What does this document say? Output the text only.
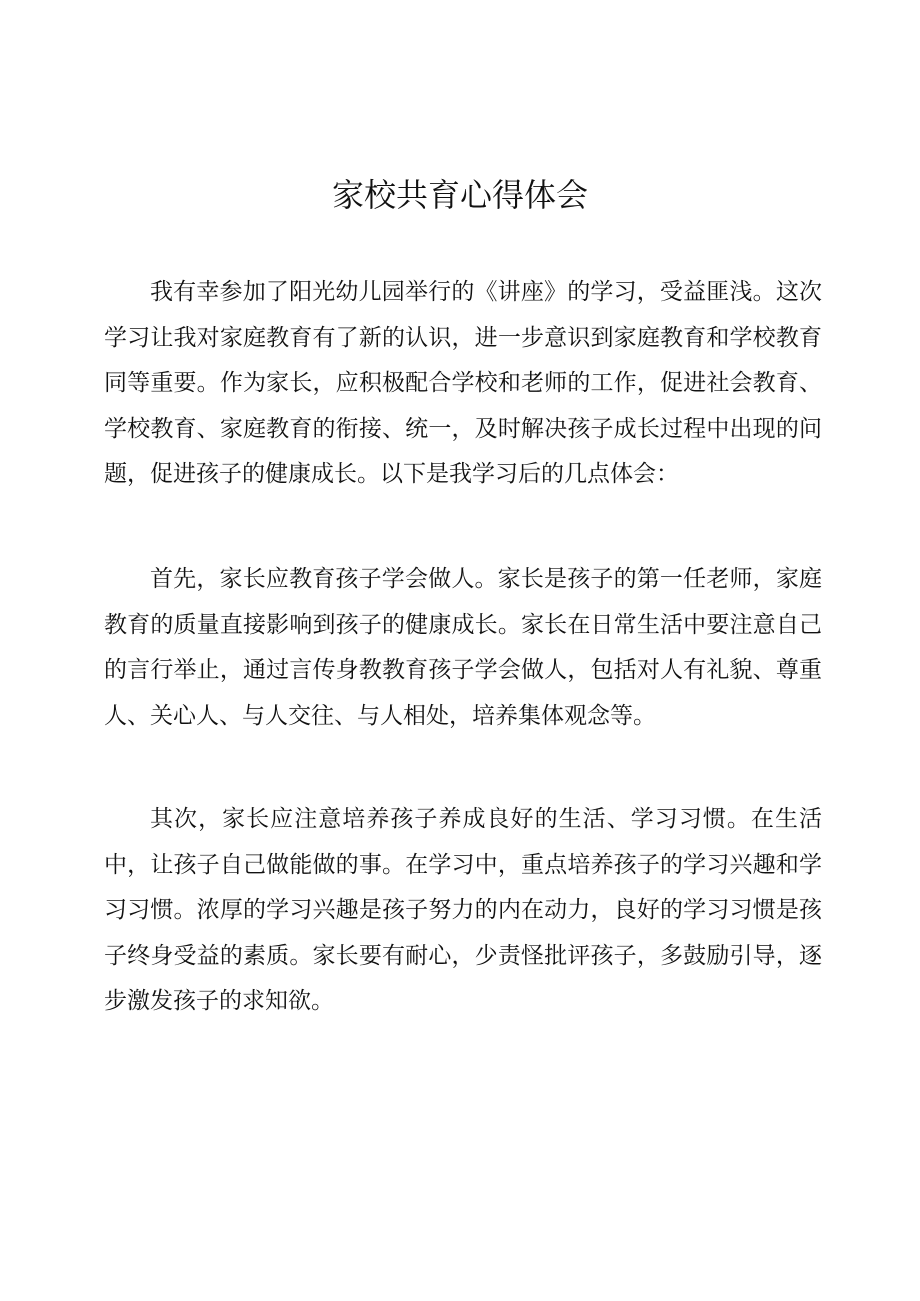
家校共育心得体会

我有幸参加了阳光幼儿园举行的《讲座》的学习，受益匪浅。这次学习让我对家庭教育有了新的认识，进一步意识到家庭教育和学校教育同等重要。作为家长，应积极配合学校和老师的工作，促进社会教育、学校教育、家庭教育的衔接、统一，及时解决孩子成长过程中出现的问题，促进孩子的健康成长。以下是我学习后的几点体会：

首先，家长应教育孩子学会做人。家长是孩子的第一任老师，家庭教育的质量直接影响到孩子的健康成长。家长在日常生活中要注意自己的言行举止，通过言传身教教育孩子学会做人，包括对人有礼貌、尊重人、关心人、与人交往、与人相处，培养集体观念等。

其次，家长应注意培养孩子养成良好的生活、学习习惯。在生活中，让孩子自己做能做的事。在学习中，重点培养孩子的学习兴趣和学习习惯。浓厚的学习兴趣是孩子努力的内在动力，良好的学习习惯是孩子终身受益的素质。家长要有耐心，少责怪批评孩子，多鼓励引导，逐步激发孩子的求知欲。
